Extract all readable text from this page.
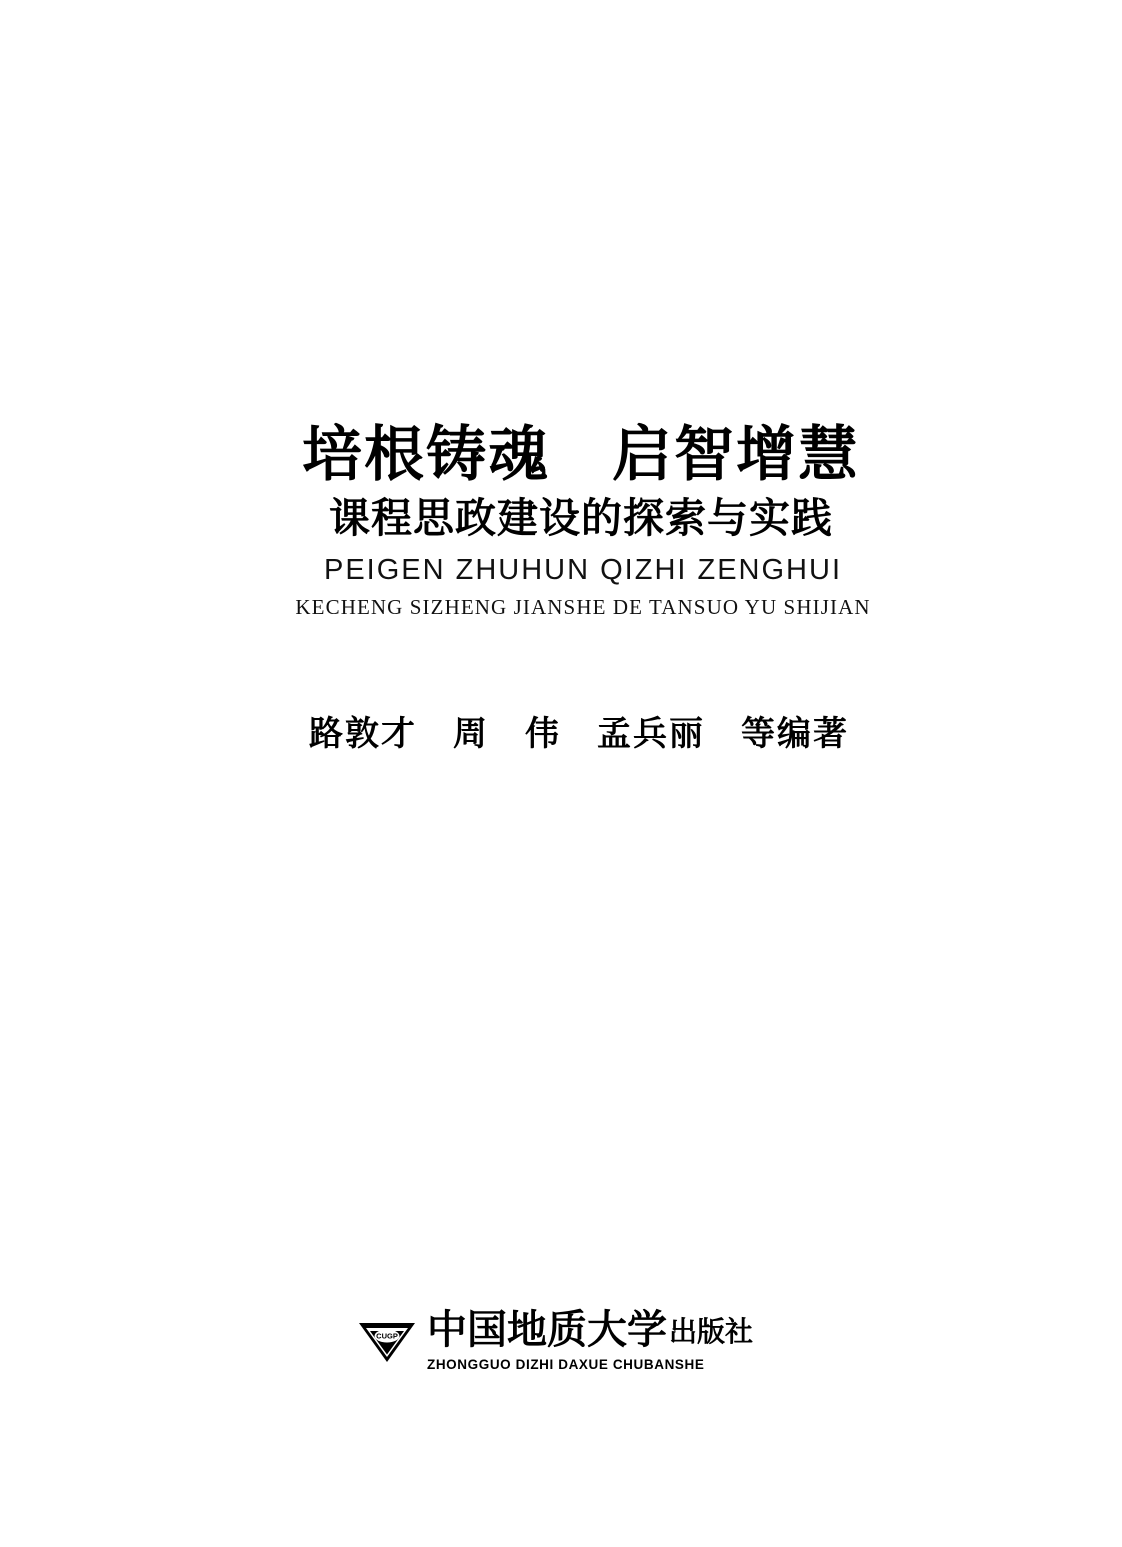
培根铸魂　启智增慧
课程思政建设的探索与实践

PEIGEN ZHUHUN QIZHI ZENGHUI

KECHENG SIZHENG JIANSHE DE TANSUO YU SHIJIAN

路敦才　周　伟　孟兵丽　等编著
CUGP 中国地质大学 出版社
ZHONGGUO DIZHI DAXUE CHUBANSHE
